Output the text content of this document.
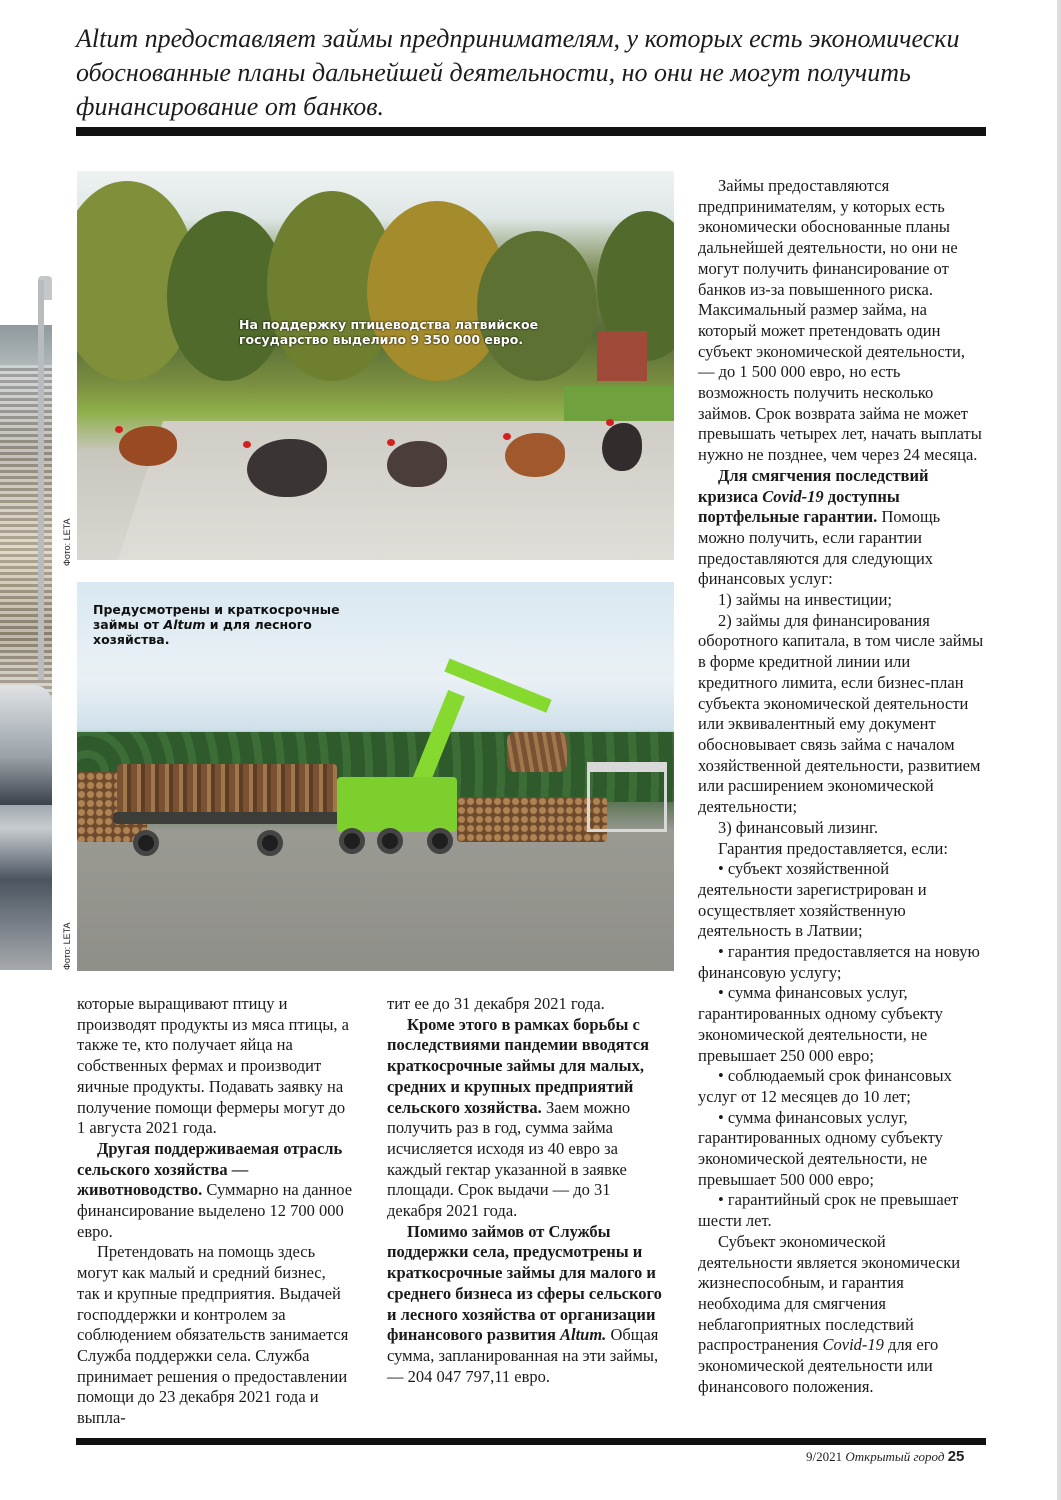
Altum предоставляет займы предпринимателям, у которых есть экономически обоснованные планы дальнейшей деятельности, но они не могут получить финансирование от банков.
На поддержку птицеводства латвийское государство выделило 9 350 000 евро.
Фото: LETA
Предусмотрены и краткосрочные займы от Altum и для лесного хозяйства.
Фото: LETA

которые выращивают птицу и производят продукты из мяса птицы, а также те, кто получает яйца на собственных фермах и производит яичные продукты. Подавать заявку на получение помощи фермеры могут до 1 августа 2021 года.

Другая поддерживаемая отрасль сельского хозяйства — животноводство. Суммарно на данное финансирование выделено 12 700 000 евро.

Претендовать на помощь здесь могут как малый и средний бизнес, так и крупные предприятия. Выдачей господдержки и контролем за соблюдением обязательств занимается Служба поддержки села. Служба принимает решения о предоставлении помощи до 23 декабря 2021 года и выпла-

тит ее до 31 декабря 2021 года.

Кроме этого в рамках борьбы с последствиями пандемии вводятся краткосрочные займы для малых, средних и крупных предприятий сельского хозяйства. Заем можно получить раз в год, сумма займа исчисляется исходя из 40 евро за каждый гектар указанной в заявке площади. Срок выдачи — до 31 декабря 2021 года.

Помимо займов от Службы поддержки села, предусмотрены и краткосрочные займы для малого и среднего бизнеса из сферы сельского и лесного хозяйства от организации финансового развития Altum. Общая сумма, запланированная на эти займы, — 204 047 797,11 евро.

Займы предоставляются предпринимателям, у которых есть экономически обоснованные планы дальнейшей деятельности, но они не могут получить финансирование от банков из-за повышенного риска. Максимальный размер займа, на который может претендовать один субъект экономической деятельности, — до 1 500 000 евро, но есть возможность получить несколько займов. Срок возврата займа не может превышать четырех лет, начать выплаты нужно не позднее, чем через 24 месяца.

Для смягчения последствий кризиса Covid-19 доступны портфельные гарантии. Помощь можно получить, если гарантии предоставляются для следующих финансовых услуг:

1) займы на инвестиции;

2) займы для финансирования оборотного капитала, в том числе займы в форме кредитной линии или кредитного лимита, если бизнес-план субъекта экономической деятельности или эквивалентный ему документ обосновывает связь займа с началом хозяйственной деятельности, развитием или расширением экономической деятельности;

3) финансовый лизинг.

Гарантия предоставляется, если:

• субъект хозяйственной деятельности зарегистрирован и осуществляет хозяйственную деятельность в Латвии;

• гарантия предоставляется на новую финансовую услугу;

• сумма финансовых услуг, гарантированных одному субъекту экономической деятельности, не превышает 250 000 евро;

• соблюдаемый срок финансовых услуг от 12 месяцев до 10 лет;

• сумма финансовых услуг, гарантированных одному субъекту экономической деятельности, не превышает 500 000 евро;

• гарантийный срок не превышает шести лет.

Субъект экономической деятельности является экономически жизнеспособным, и гарантия необходима для смягчения неблагоприятных последствий распространения Covid-19 для его экономической деятельности или финансового положения.

9/2021 Открытый город 25
